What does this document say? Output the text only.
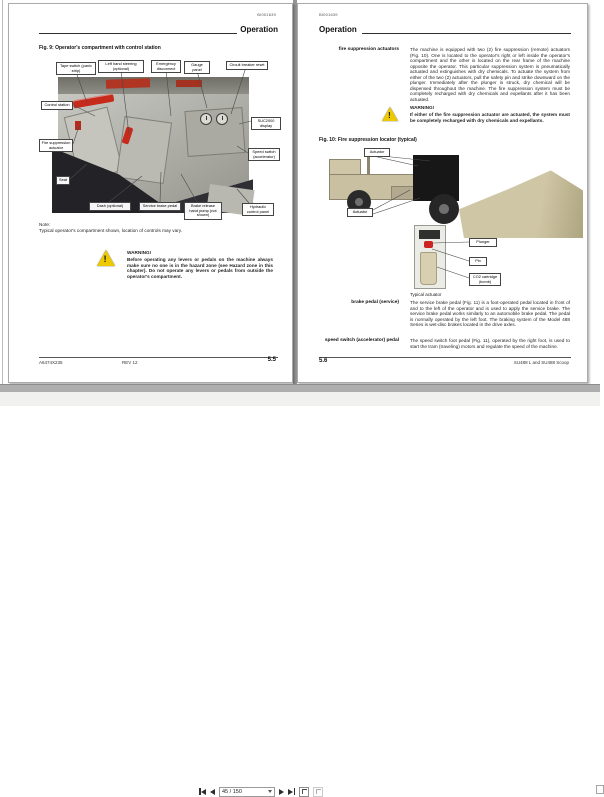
BI001639
Operation
Fig. 9: Operator's compartment with control station
Tape switch (panic strip)
Left hand steering (optional)
Emergency disconnect
Gauge panel
Circuit breaker reset
Control station
Fire suppression actuator
Seat
SUC2000 display
Speed switch (accelerator)
Hydraulic control panel
Dash (optional)	Service brake pedal	Brake release hand pump (not shown)
Note:
Typical operator's compartment shown, location of controls may vary.
!
WARNING!
Before operating any levers or pedals on the machine always make sure no one is in the hazard zone (see Hazard zone in this chapter). Do not operate any levers or pedals from outside the operator's compartment.
A6474X235	REV 12	5.5
BI001639
Operation
fire suppression actuators The machine is equipped with two (2) fire suppression (remote) actuators (Fig. 10). One is located to the operator's right or left inside the operator's compartment and the other is located on the rear frame of the machine opposite the operator. This particular suppression system is pneumatically actuated and extinguishes with dry chemicals. To actuate the system from either of the two (2) actuators, pull the safety pin and strike downward on the plunger. Immediately after the plunger is struck, dry chemical will be dispensed throughout the machine. The fire suppression system must be completely recharged with dry chemicals and expellants after it has been actuated.
!
WARNING!
If either of the fire suppression actuator are actuated, the system must be completely recharged with dry chemicals and expellants.
Fig. 10: Fire suppression locator (typical)
Actuator
Actuator
Plunger
Pin
CO2 cartridge (bomb)
Typical actuator
brake pedal (service) The service brake pedal (Fig. 11) is a foot-operated pedal located in front of and to the left of the operator and is used to apply the service brake. The service brake pedal works similarly to an automobile brake pedal. The pedal is normally operated by the left foot. The braking system of the Model 488 Series is wet-disc brakes located in the drive axles.
speed switch (accelerator) pedal The speed switch foot pedal (Fig. 11), operated by the right foot, is used to start the tram (traveling) motors and regulate the speed of the machine.
5.6	SU488 L and SU488 Scoop
45 / 150
